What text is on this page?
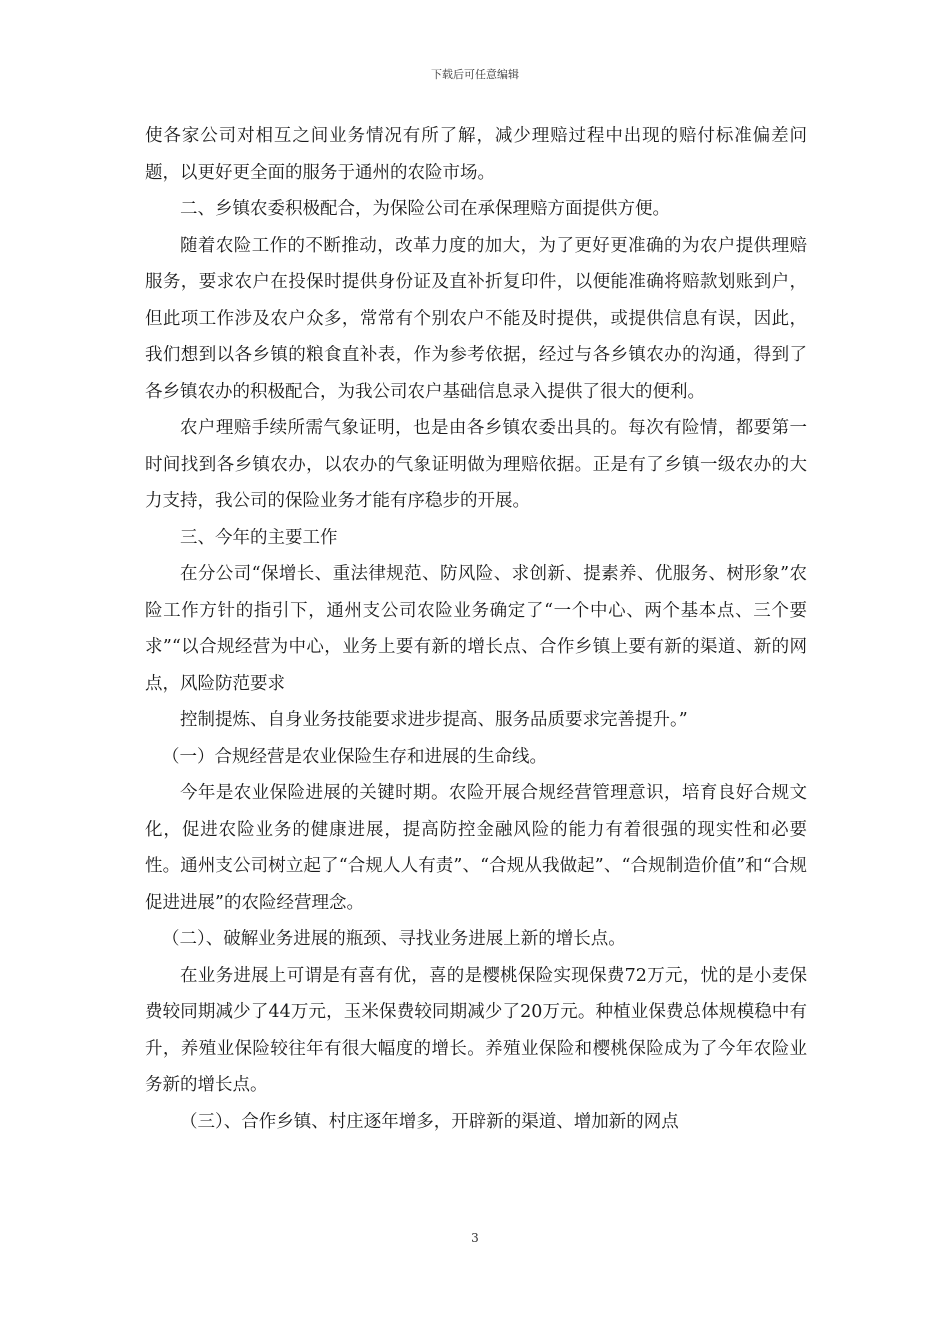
下载后可任意编辑

使各家公司对相互之间业务情况有所了解，减少理赔过程中出现的赔付标准偏差问题，以更好更全面的服务于通州的农险市场。

二、乡镇农委积极配合，为保险公司在承保理赔方面提供方便。

随着农险工作的不断推动，改革力度的加大，为了更好更准确的为农户提供理赔服务，要求农户在投保时提供身份证及直补折复印件，以便能准确将赔款划账到户，但此项工作涉及农户众多，常常有个别农户不能及时提供，或提供信息有误，因此，我们想到以各乡镇的粮食直补表，作为参考依据，经过与各乡镇农办的沟通，得到了各乡镇农办的积极配合，为我公司农户基础信息录入提供了很大的便利。

农户理赔手续所需气象证明，也是由各乡镇农委出具的。每次有险情，都要第一时间找到各乡镇农办，以农办的气象证明做为理赔依据。正是有了乡镇一级农办的大力支持，我公司的保险业务才能有序稳步的开展。

三、今年的主要工作

在分公司“保增长、重法律规范、防风险、求创新、提素养、优服务、树形象”农险工作方针的指引下，通州支公司农险业务确定了“一个中心、两个基本点、三个要求”“以合规经营为中心，业务上要有新的增长点、合作乡镇上要有新的渠道、新的网点，风险防范要求

控制提炼、自身业务技能要求进步提高、服务品质要求完善提升。”

（一）合规经营是农业保险生存和进展的生命线。

今年是农业保险进展的关键时期。农险开展合规经营管理意识，培育良好合规文化，促进农险业务的健康进展，提高防控金融风险的能力有着很强的现实性和必要性。通州支公司树立起了“合规人人有责”、“合规从我做起”、“合规制造价值”和“合规促进进展”的农险经营理念。

（二）、破解业务进展的瓶颈、寻找业务进展上新的增长点。

在业务进展上可谓是有喜有优，喜的是樱桃保险实现保费72万元，忧的是小麦保费较同期减少了44万元，玉米保费较同期减少了20万元。种植业保费总体规模稳中有升，养殖业保险较往年有很大幅度的增长。养殖业保险和樱桃保险成为了今年农险业务新的增长点。

（三）、合作乡镇、村庄逐年增多，开辟新的渠道、增加新的网点

3
